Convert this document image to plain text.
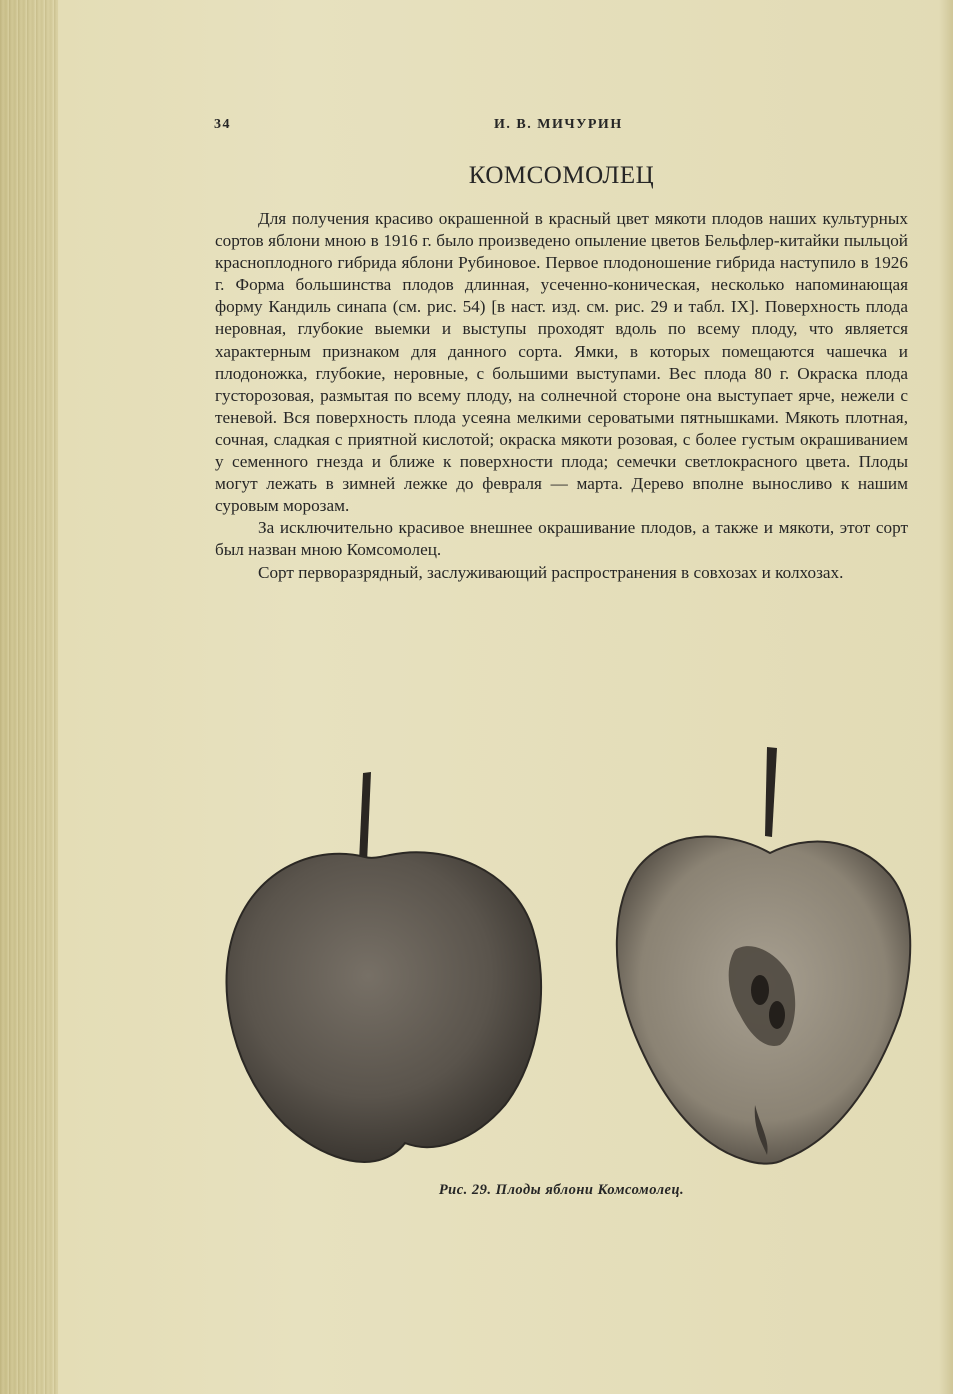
34	И. В. МИЧУРИН
КОМСОМОЛЕЦ

Для получения красиво окрашенной в красный цвет мякоти плодов наших культурных сортов яблони мною в 1916 г. было произведено опыление цветов Бельфлер-китайки пыльцой краснoплодного гибрида яблони Рубиновое. Первое плодоношение гибрида наступило в 1926 г. Форма большинства плодов длинная, усеченно-коническая, несколько напоминающая форму Кандиль синапа (см. рис. 54) [в наст. изд. см. рис. 29 и табл. IX]. Поверхность плода неровная, глубокие выемки и выступы проходят вдоль по всему плоду, что является характерным признаком для данного сорта. Ямки, в которых помещаются чашечка и плодоножка, глубокие, неровные, с большими выступами. Вес плода 80 г. Окраска плода густорозовая, размытая по всему плоду, на солнечной стороне она выступает ярче, нежели с теневой. Вся поверхность плода усеяна мелкими сероватыми пятнышками. Мякоть плотная, сочная, сладкая с приятной кислотой; окраска мякоти розовая, с более густым окрашиванием у семенного гнезда и ближе к поверхности плода; семечки светлокрасного цвета. Плоды могут лежать в зимней лежке до февраля — марта. Дерево вполне выносливо к нашим суровым морозам.

За исключительно красивое внешнее окрашивание плодов, а также и мякоти, этот сорт был назван мною Комсомолец.

Сорт перворазрядный, заслуживающий распространения в совхозах и колхозах.

Рис. 29. Плоды яблони Комсомолец.
